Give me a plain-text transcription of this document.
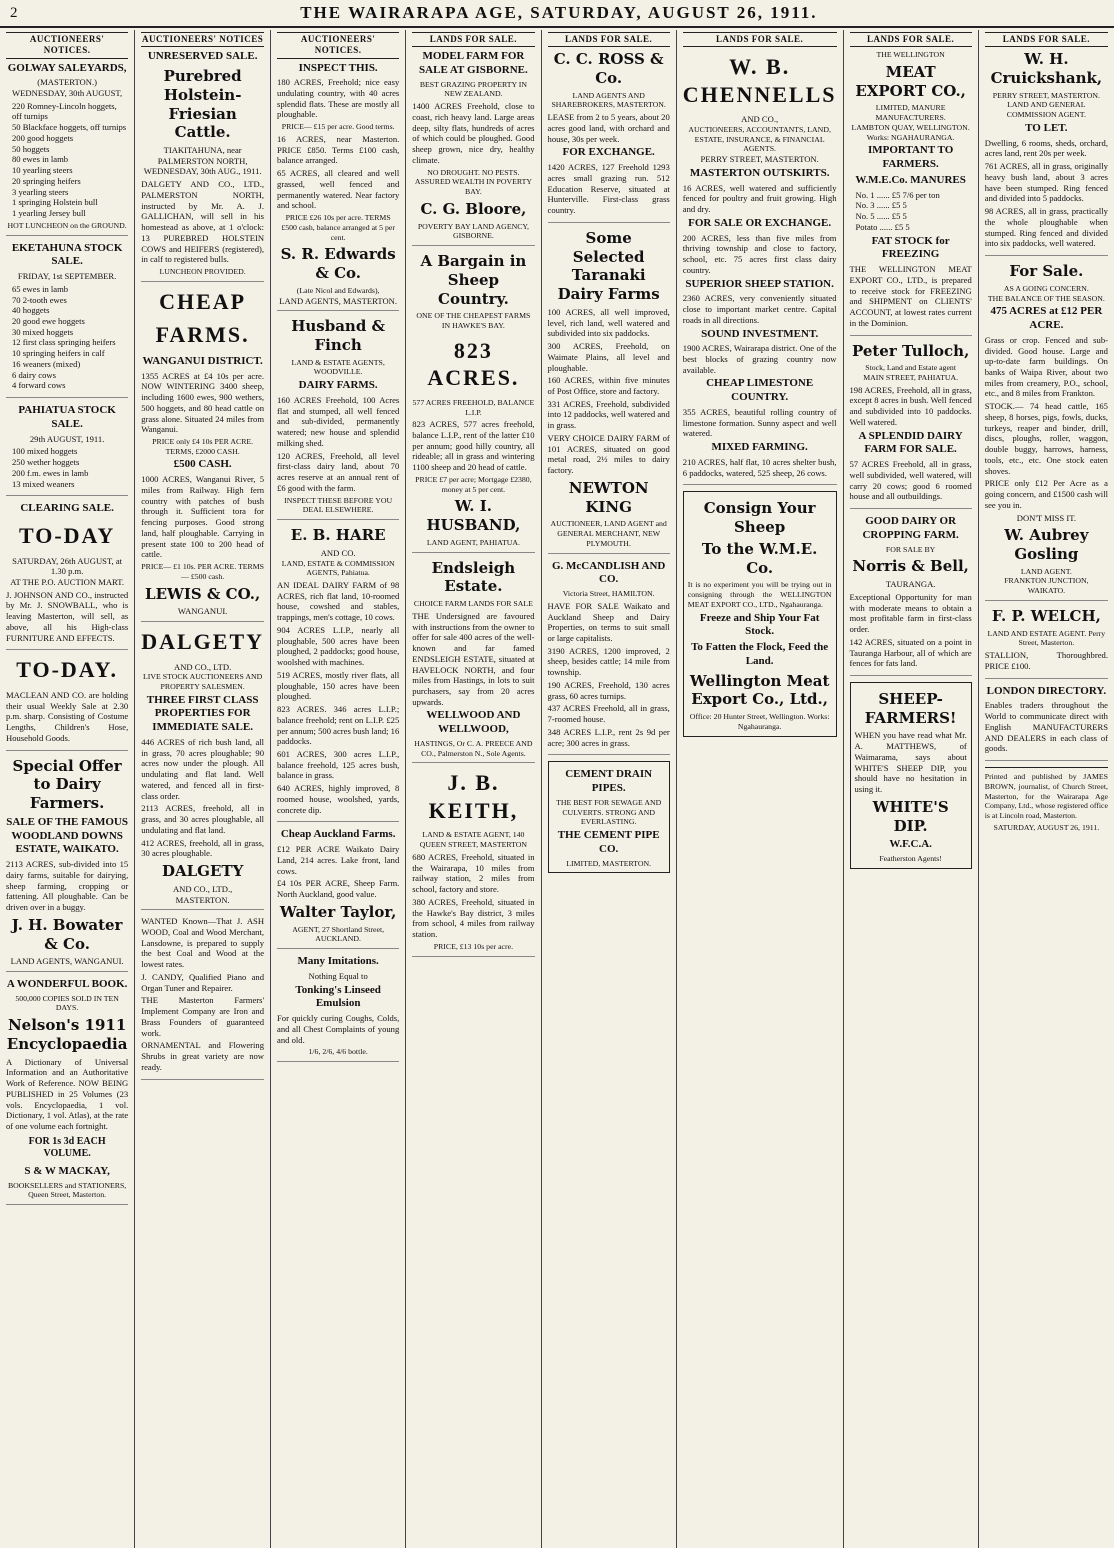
2	THE WAIRARAPA AGE, SATURDAY, AUGUST 26, 1911.

AUCTIONEERS' NOTICES.
GOLWAY SALEYARDS,
(MASTERTON.)
WEDNESDAY, 30th AUGUST,
220 Romney-Lincoln hoggets, off turnips
50 Blackface hoggets, off turnips
200 good hoggets
50 hoggets
80 ewes in lamb
10 yearling steers
20 springing heifers
3 yearling steers
1 springing Holstein bull
1 yearling Jersey bull
HOT LUNCHEON on the GROUND.
EKETAHUNA STOCK SALE.
FRIDAY, 1st SEPTEMBER.
65 ewes in lamb
70 2-tooth ewes
40 hoggets
20 good ewe hoggets
30 mixed hoggets
12 first class springing heifers
10 springing heifers in calf
16 weaners (mixed)
6 dairy cows
4 forward cows
PAHIATUA STOCK SALE.
29th AUGUST, 1911.
100 mixed hoggets
250 wether hoggets
200 f.m. ewes in lamb
13 mixed weaners
CLEARING SALE.
TO-DAY
SATURDAY, 26th AUGUST, at 1.30 p.m.
AT THE P.O. AUCTION MART.
J. JOHNSON AND CO., instructed by Mr. J. SNOWBALL, who is leaving Masterton, will sell, as above, all his High-class FURNITURE AND EFFECTS.
TO-DAY.
MACLEAN AND CO. are holding their usual Weekly Sale at 2.30 p.m. sharp. Consisting of Costume Lengths, Children's Hose, Household Goods.
Special Offer to Dairy Farmers.
SALE OF THE FAMOUS WOODLAND DOWNS ESTATE, WAIKATO.
2113 ACRES, sub-divided into 15 dairy farms, suitable for dairying, sheep farming, cropping or fattening. All ploughable. Can be driven over in a buggy.
J. H. Bowater & Co.
LAND AGENTS, WANGANUI.
A WONDERFUL BOOK.
500,000 COPIES SOLD IN TEN DAYS.
Nelson's 1911 Encyclopaedia
A Dictionary of Universal Information and an Authoritative Work of Reference. NOW BEING PUBLISHED in 25 Volumes (23 vols. Encyclopaedia, 1 vol. Dictionary, 1 vol. Atlas), at the rate of one volume each fortnight.
FOR 1s 3d EACH VOLUME.
S & W MACKAY,
BOOKSELLERS and STATIONERS, Queen Street, Masterton.
AUCTIONEERS' NOTICES
UNRESERVED SALE.
Purebred Holstein-Friesian Cattle.
TIAKITAHUNA, near PALMERSTON NORTH,
WEDNESDAY, 30th AUG., 1911.
DALGETY AND CO., LTD., PALMERSTON NORTH, instructed by Mr. A. J. GALLICHAN, will sell in his homestead as above, at 1 o'clock: 13 PUREBRED HOLSTEIN COWS and HEIFERS (registered), in calf to registered bulls.
LUNCHEON PROVIDED.
CHEAP
FARMS.
WANGANUI DISTRICT.
1355 ACRES at £4 10s per acre. NOW WINTERING 3400 sheep, including 1600 ewes, 900 wethers, 500 hoggets, and 80 head cattle on grass alone. Situated 24 miles from Wanganui.
PRICE only £4 10s PER ACRE. TERMS, £2000 CASH.
£500 CASH.
1000 ACRES, Wanganui River, 5 miles from Railway. High fern country with patches of bush through it. Sufficient tora for fencing purposes. Good strong land, half ploughable. Carrying in present state 100 to 200 head of cattle.
PRICE— £1 10s. PER ACRE. TERMS— £500 cash.
LEWIS & CO.,
WANGANUI.
DALGETY
AND CO., LTD.
LIVE STOCK AUCTIONEERS AND PROPERTY SALESMEN.
THREE FIRST CLASS PROPERTIES FOR IMMEDIATE SALE.
446 ACRES of rich bush land, all in grass, 70 acres ploughable; 90 acres now under the plough. All undulating and flat land. Well watered, and fenced all in first-class order.
2113 ACRES, freehold, all in grass, and 30 acres ploughable, all undulating and flat land.
412 ACRES, freehold, all in grass, 30 acres ploughable.
DALGETY
AND CO., LTD.,
MASTERTON.
WANTED Known—That J. ASH WOOD, Coal and Wood Merchant, Lansdowne, is prepared to supply the best Coal and Wood at the lowest rates.
J. CANDY, Qualified Piano and Organ Tuner and Repairer.
THE Masterton Farmers' Implement Company are Iron and Brass Founders of guaranteed work.
ORNAMENTAL and Flowering Shrubs in great variety are now ready.
AUCTIONEERS' NOTICES.
INSPECT THIS.
180 ACRES, Freehold; nice easy undulating country, with 40 acres splendid flats. These are mostly all ploughable.
PRICE— £15 per acre. Good terms.
16 ACRES, near Masterton. PRICE £850. Terms £100 cash, balance arranged.
65 ACRES, all cleared and well grassed, well fenced and permanently watered. Near factory and school.
PRICE £26 10s per acre. TERMS £500 cash, balance arranged at 5 per cent.
S. R. Edwards & Co.
(Late Nicol and Edwards),
LAND AGENTS, MASTERTON.
Husband & Finch
LAND & ESTATE AGENTS, WOODVILLE.
DAIRY FARMS.
160 ACRES Freehold, 100 Acres flat and stumped, all well fenced and sub-divided, permanently watered; new house and splendid milking shed.
120 ACRES, Freehold, all level first-class dairy land, about 70 acres reserve at an annual rent of £6 good with the farm.
INSPECT THESE BEFORE YOU DEAL ELSEWHERE.
E. B. HARE
AND CO.
LAND, ESTATE & COMMISSION AGENTS, Pahiatua.
AN IDEAL DAIRY FARM of 98 ACRES, rich flat land, 10-roomed house, cowshed and stables, trappings, men's cottage, 10 cows.
904 ACRES L.I.P., nearly all ploughable, 500 acres have been ploughed, 2 paddocks; good house, woolshed with machines.
519 ACRES, mostly river flats, all ploughable, 150 acres have been ploughed.
823 ACRES. 346 acres L.I.P.; balance freehold; rent on L.I.P. £25 per annum; 500 acres bush land; 16 paddocks.
601 ACRES, 300 acres L.I.P., balance freehold, 125 acres bush, balance in grass.
640 ACRES, highly improved, 8 roomed house, woolshed, yards, concrete dip.
Cheap Auckland Farms.
£12 PER ACRE Waikato Dairy Land, 214 acres. Lake front, land cows.
£4 10s PER ACRE, Sheep Farm. North Auckland, good value.
Walter Taylor,
AGENT, 27 Shortland Street, AUCKLAND.
Many Imitations.
Nothing Equal to
Tonking's Linseed Emulsion
For quickly curing Coughs, Colds, and all Chest Complaints of young and old.
1/6, 2/6, 4/6 bottle.
LANDS FOR SALE.
MODEL FARM FOR SALE AT GISBORNE.
BEST GRAZING PROPERTY IN NEW ZEALAND.
1400 ACRES Freehold, close to coast, rich heavy land. Large areas deep, silty flats, hundreds of acres of which could be ploughed. Good sheep grown, nice dry, healthy climate.
NO DROUGHT. NO PESTS. ASSURED WEALTH IN POVERTY BAY.
C. G. Bloore,
POVERTY BAY LAND AGENCY, GISBORNE.
A Bargain in Sheep Country.
ONE OF THE CHEAPEST FARMS IN HAWKE'S BAY.
823 ACRES.
577 ACRES FREEHOLD, BALANCE L.I.P.
823 ACRES, 577 acres freehold, balance L.I.P., rent of the latter £10 per annum; good hilly country, all rideable; all in grass and wintering 1100 sheep and 20 head of cattle.
PRICE £7 per acre; Mortgage £2380, money at 5 per cent.
W. I. HUSBAND,
LAND AGENT, PAHIATUA.
Endsleigh Estate.
CHOICE FARM LANDS FOR SALE
THE Undersigned are favoured with instructions from the owner to offer for sale 400 acres of the well-known and far famed ENDSLEIGH ESTATE, situated at HAVELOCK NORTH, and four miles from Hastings, in lots to suit purchasers, say from 20 acres upwards.
WELLWOOD AND WELLWOOD,
HASTINGS, Or C. A. PREECE AND CO., Palmerston N., Sole Agents.
J. B. KEITH,
LAND & ESTATE AGENT, 140 QUEEN STREET, MASTERTON
680 ACRES, Freehold, situated in the Wairarapa, 10 miles from railway station, 2 miles from school, factory and store.
380 ACRES, Freehold, situated in the Hawke's Bay district, 3 miles from school, 4 miles from railway station.
PRICE, £13 10s per acre.
LANDS FOR SALE.
C. C. ROSS & Co.
LAND AGENTS AND SHAREBROKERS, MASTERTON.
LEASE from 2 to 5 years, about 20 acres good land, with orchard and house, 30s per week.
FOR EXCHANGE.
1420 ACRES, 127 Freehold 1293 acres small grazing run. 512 Education Reserve, situated at Hunterville. First-class grass country.
Some Selected Taranaki Dairy Farms
100 ACRES, all well improved, level, rich land, well watered and subdivided into six paddocks.
300 ACRES, Freehold, on Waimate Plains, all level and ploughable.
160 ACRES, within five minutes of Post Office, store and factory.
331 ACRES, Freehold, subdivided into 12 paddocks, well watered and in grass.
VERY CHOICE DAIRY FARM of 101 ACRES, situated on good metal road, 2½ miles to dairy factory.
NEWTON KING
AUCTIONEER, LAND AGENT and GENERAL MERCHANT, NEW PLYMOUTH.
G. McCANDLISH AND CO.
Victoria Street, HAMILTON.
HAVE FOR SALE Waikato and Auckland Sheep and Dairy Properties, on terms to suit small or large capitalists.
3190 ACRES, 1200 improved, 2 sheep, besides cattle; 14 mile from township.
190 ACRES, Freehold, 130 acres grass, 60 acres turnips.
437 ACRES Freehold, all in grass, 7-roomed house.
348 ACRES L.I.P., rent 2s 9d per acre; 300 acres in grass.
CEMENT DRAIN PIPES.
THE BEST FOR SEWAGE AND CULVERTS. STRONG AND EVERLASTING.
THE CEMENT PIPE CO.
LIMITED, MASTERTON.
LANDS FOR SALE.
W. B. CHENNELLS
AND CO.,
AUCTIONEERS, ACCOUNTANTS, LAND, ESTATE, INSURANCE, & FINANCIAL AGENTS.
PERRY STREET, MASTERTON.
MASTERTON OUTSKIRTS.
16 ACRES, well watered and sufficiently fenced for poultry and fruit growing. High and dry.
FOR SALE OR EXCHANGE.
200 ACRES, less than five miles from thriving township and close to factory, school, etc. 75 acres first class dairy country.
SUPERIOR SHEEP STATION.
2360 ACRES, very conveniently situated close to important market centre. Capital roads in all directions.
SOUND INVESTMENT.
1900 ACRES, Wairarapa district. One of the best blocks of grazing country now available.
CHEAP LIMESTONE COUNTRY.
355 ACRES, beautiful rolling country of limestone formation. Sunny aspect and well watered.
MIXED FARMING.
210 ACRES, half flat, 10 acres shelter bush, 6 paddocks, watered, 525 sheep, 26 cows.
Consign Your Sheep
To the W.M.E. Co.
It is no experiment you will be trying out in consigning through the WELLINGTON MEAT EXPORT CO., LTD., Ngahauranga.
Freeze and Ship Your Fat Stock.
To Fatten the Flock, Feed the Land.
Wellington Meat Export Co., Ltd.,
Office: 20 Hunter Street, Wellington. Works: Ngahauranga.
LANDS FOR SALE.
THE WELLINGTON
MEAT EXPORT CO.,
LIMITED, MANURE MANUFACTURERS.
LAMBTON QUAY, WELLINGTON. Works: NGAHAURANGA.
IMPORTANT TO FARMERS.
W.M.E.Co. MANURES
No. 1 ...... £5 7/6 per ton
No. 3 ...... £5 5
No. 5 ...... £5 5
Potato ...... £5 5
FAT STOCK for FREEZING
THE WELLINGTON MEAT EXPORT CO., LTD., is prepared to receive stock for FREEZING and SHIPMENT on CLIENTS' ACCOUNT, at lowest rates current in the Dominion.
Peter Tulloch,
Stock, Land and Estate agent
MAIN STREET, PAHIATUA.
198 ACRES, Freehold, all in grass, except 8 acres in bush. Well fenced and subdivided into 10 paddocks. Well watered.
A SPLENDID DAIRY FARM FOR SALE.
57 ACRES Freehold, all in grass, well subdivided, well watered, will carry 20 cows; good 6 roomed house and all outbuildings.
GOOD DAIRY OR CROPPING FARM.
FOR SALE BY
Norris & Bell,
TAURANGA.
Exceptional Opportunity for man with moderate means to obtain a most profitable farm in first-class order.
142 ACRES, situated on a point in Tauranga Harbour, all of which are fences for fats land.
SHEEP-FARMERS!
WHEN you have read what Mr. A. MATTHEWS, of Waimarama, says about WHITE'S SHEEP DIP, you should have no hesitation in using it.
WHITE'S DIP.
W.F.C.A.
Featherston Agents!
LANDS FOR SALE.
W. H. Cruickshank,
PERRY STREET, MASTERTON. LAND AND GENERAL COMMISSION AGENT.
TO LET.
Dwelling, 6 rooms, sheds, orchard, acres land, rent 20s per week.
761 ACRES, all in grass, originally heavy bush land, about 3 acres have been stumped. Ring fenced and divided into 5 paddocks.
98 ACRES, all in grass, practically the whole ploughable when stumped. Ring fenced and divided into six paddocks, well watered.
For Sale.
AS A GOING CONCERN.
THE BALANCE OF THE SEASON.
475 ACRES at £12 PER ACRE.
Grass or crop. Fenced and sub-divided. Good house. Large and up-to-date farm buildings. On banks of Waipa River, about two miles from creamery, P.O., school, etc., and 8 miles from Frankton.
STOCK.— 74 head cattle, 165 sheep, 8 horses, pigs, fowls, ducks, turkeys, reaper and binder, drill, discs, ploughs, roller, waggon, double buggy, harrows, harness, tools, etc., etc. One stock eaten shoves.
PRICE only £12 Per Acre as a going concern, and £1500 cash will see you in.
DON'T MISS IT.
W. Aubrey Gosling
LAND AGENT.
FRANKTON JUNCTION, WAIKATO.
F. P. WELCH,
LAND AND ESTATE AGENT. Perry Street, Masterton.
STALLION, Thoroughbred. PRICE £100.
LONDON DIRECTORY.
Enables traders throughout the World to communicate direct with English MANUFACTURERS AND DEALERS in each class of goods.
Printed and published by JAMES BROWN, journalist, of Church Street, Masterton, for the Wairarapa Age Company, Ltd., whose registered office is at Lincoln road, Masterton.
SATURDAY, AUGUST 26, 1911.
